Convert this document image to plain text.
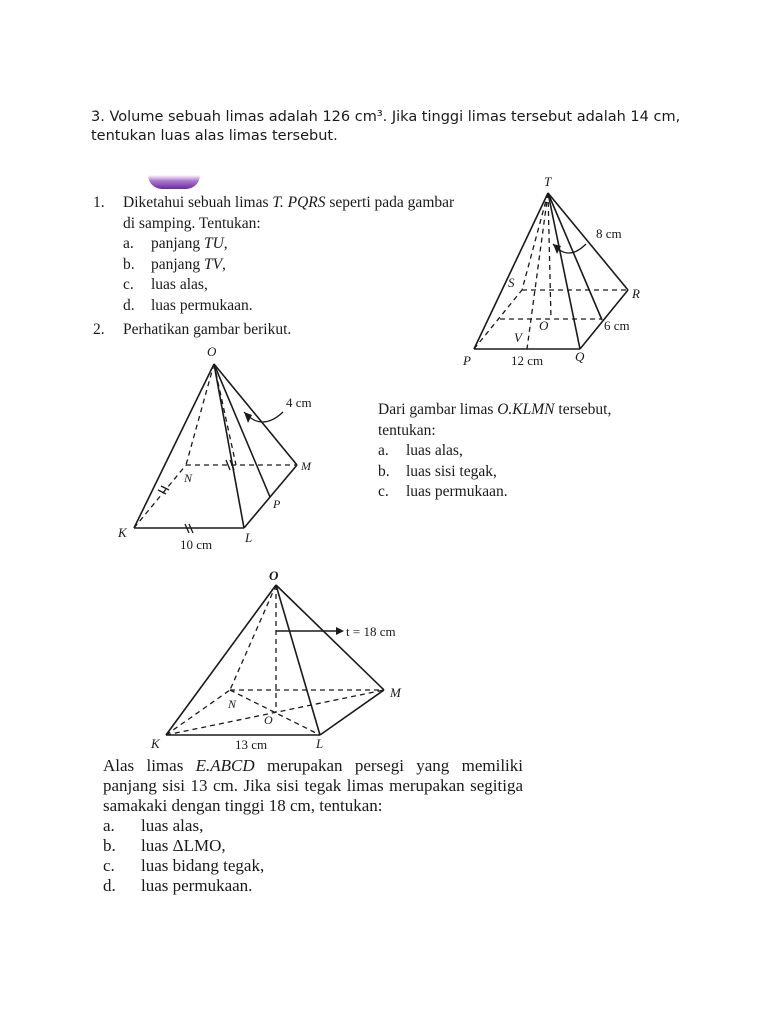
3. Volume sebuah limas adalah 126 cm³. Jika tinggi limas tersebut adalah 14 cm,

tentukan luas alas limas tersebut.

1.	Diketahui sebuah limas T. PQRS seperti pada gambar
di samping. Tentukan:
a.	panjang TU,
b.	panjang TV,
c.	luas alas,
d.	luas permukaan.
2.	Perhatikan gambar berikut.
T
S
R
O
V
P	Q
8 cm
12 cm
6 cm
O
N
M
P
K	L
4 cm
10 cm
Dari gambar limas O.KLMN tersebut,
tentukan:
a.	luas alas,
b.	luas sisi tegak,
c.	luas permukaan.
O
N
M
O
K	L
t = 18 cm
13 cm

Alas limas E.ABCD merupakan persegi yang memiliki panjang sisi 13 cm. Jika sisi tegak limas merupakan segitiga samakaki dengan tinggi 18 cm, tentukan:

a.	luas alas,
b.	luas ΔLMO,
c.	luas bidang tegak,
d.	luas permukaan.
